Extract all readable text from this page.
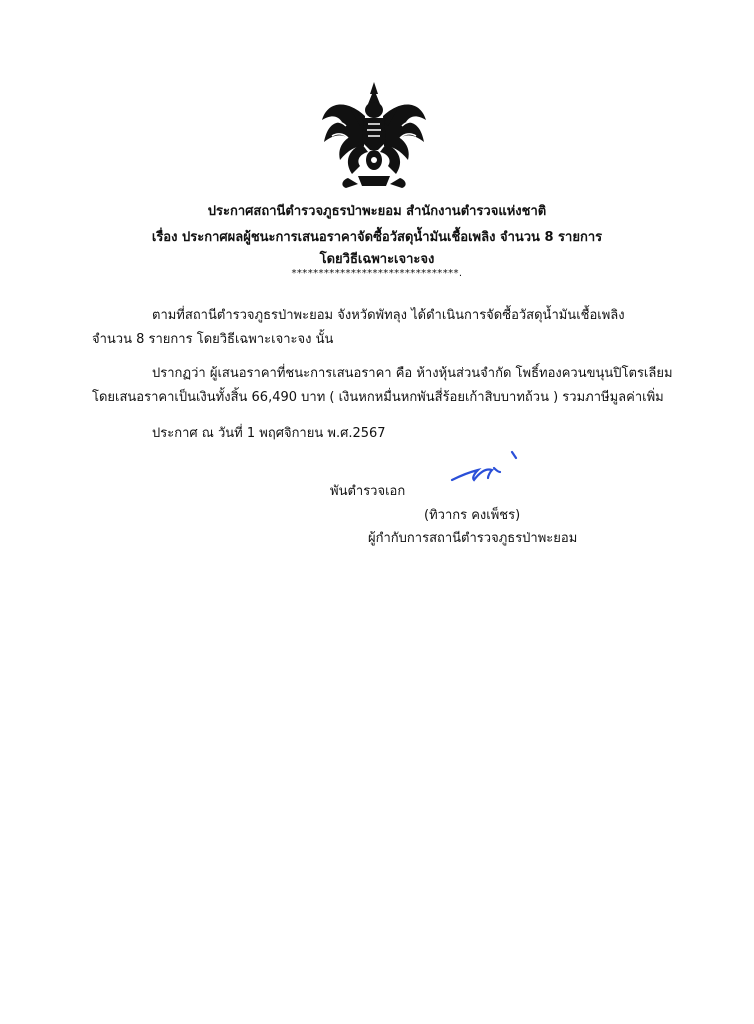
ประกาศสถานีตำรวจภูธรป่าพะยอม สำนักงานตำรวจแห่งชาติ
เรื่อง ประกาศผลผู้ชนะการเสนอราคาจัดซื้อวัสดุน้ำมันเชื้อเพลิง จำนวน 8 รายการ
โดยวิธีเฉพาะเจาะจง
*******************************.
ตามที่สถานีตำรวจภูธรป่าพะยอม จังหวัดพัทลุง ได้ดำเนินการจัดซื้อวัสดุน้ำมันเชื้อเพลิง
จำนวน 8 รายการ โดยวิธีเฉพาะเจาะจง นั้น
ปรากฏว่า ผู้เสนอราคาที่ชนะการเสนอราคา คือ ห้างหุ้นส่วนจำกัด โพธิ์ทองควนขนุนปิโตรเลียม
โดยเสนอราคาเป็นเงินทั้งสิ้น 66,490 บาท ( เงินหกหมื่นหกพันสี่ร้อยเก้าสิบบาทถ้วน ) รวมภาษีมูลค่าเพิ่ม
ประกาศ ณ วันที่ 1 พฤศจิกายน พ.ศ.2567
พันตำรวจเอก
(ทิวากร คงเพ็ชร)
ผู้กำกับการสถานีตำรวจภูธรป่าพะยอม
